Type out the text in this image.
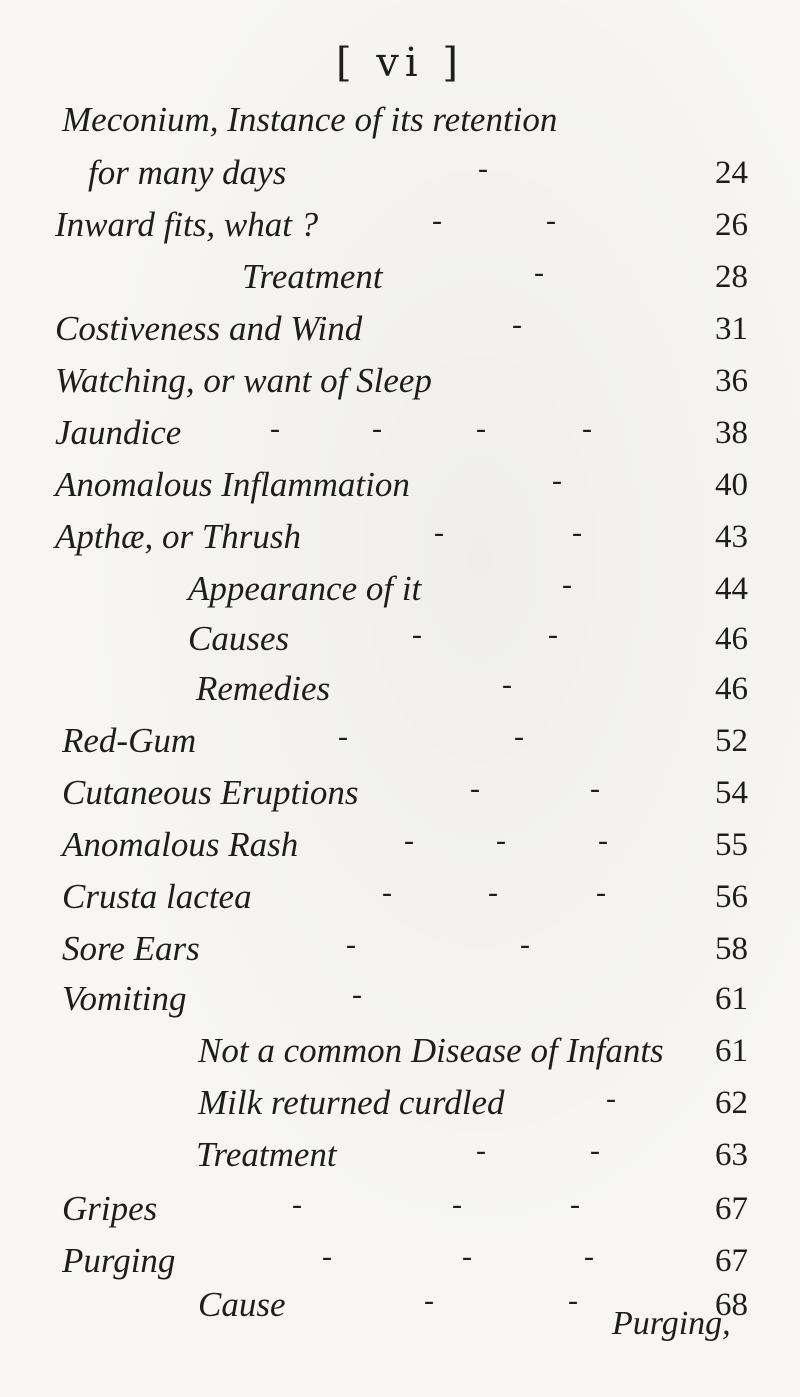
[ vi ]
Meconium, Instance of its retention
for many days	-	24
Inward fits, what ?	-	-	26
Treatment	-	28
Costiveness and Wind	-	31
Watching, or want of Sleep	36
Jaundice	-	-	-	-	38
Anomalous Inflammation	-	40
Apthæ, or Thrush	-	-	43
Appearance of it	-	44
Causes	-	-	46
Remedies	-	46
Red-Gum	-	-	52
Cutaneous Eruptions	-	-	54
Anomalous Rash	-	-	-	55
Crusta lactea	-	-	-	56
Sore Ears	-	-	58
Vomiting	-	61
Not a common Disease of Infants	61
Milk returned curdled	-	62
Treatment	-	-	63
Gripes	-	-	-	67
Purging	-	-	-	67
Cause	-	-	68
Purging,
